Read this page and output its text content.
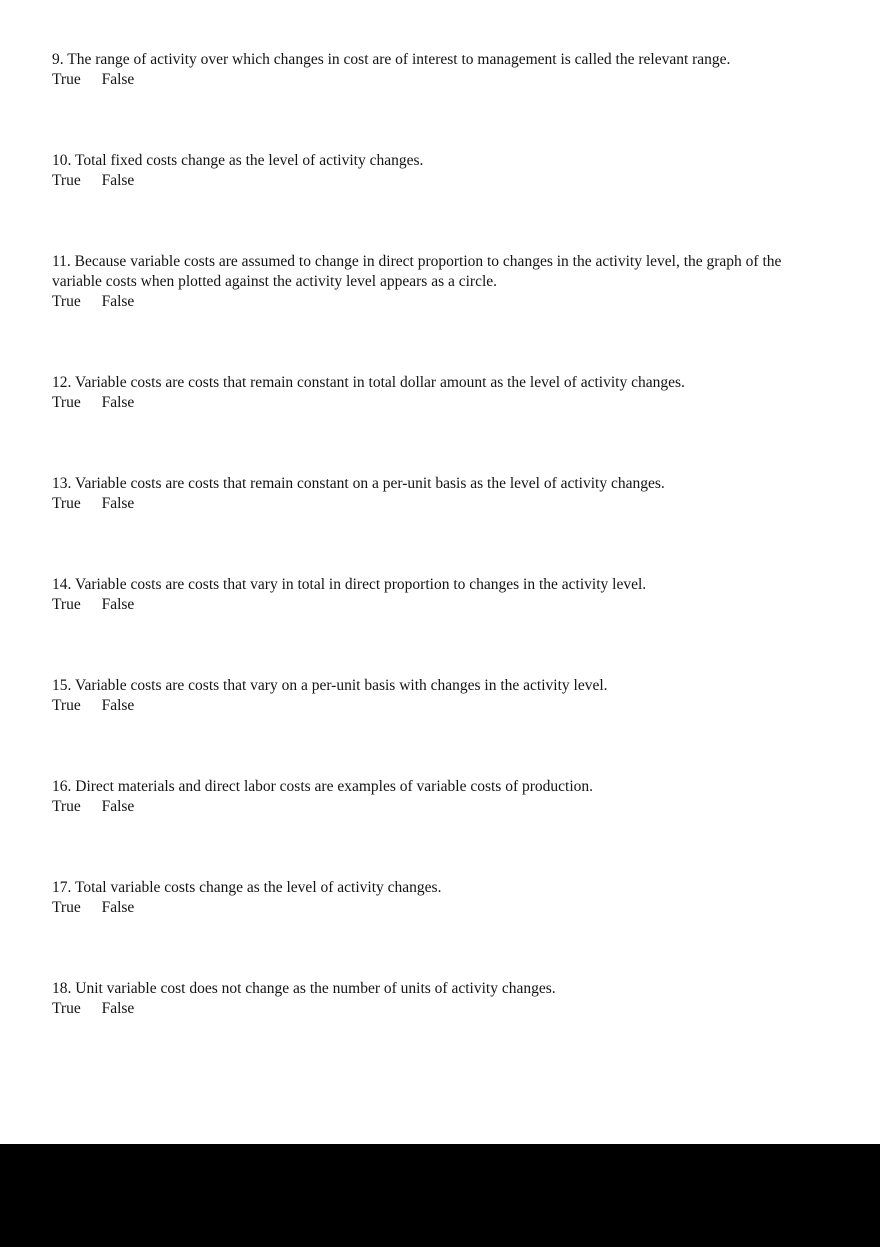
9. The range of activity over which changes in cost are of interest to management is called the relevant range.

True False

10. Total fixed costs change as the level of activity changes.

True False

11. Because variable costs are assumed to change in direct proportion to changes in the activity level, the graph of the variable costs when plotted against the activity level appears as a circle.

True False

12. Variable costs are costs that remain constant in total dollar amount as the level of activity changes.

True False

13. Variable costs are costs that remain constant on a per-unit basis as the level of activity changes.

True False

14. Variable costs are costs that vary in total in direct proportion to changes in the activity level.

True False

15. Variable costs are costs that vary on a per-unit basis with changes in the activity level.

True False

16. Direct materials and direct labor costs are examples of variable costs of production.

True False

17. Total variable costs change as the level of activity changes.

True False

18. Unit variable cost does not change as the number of units of activity changes.

True False
